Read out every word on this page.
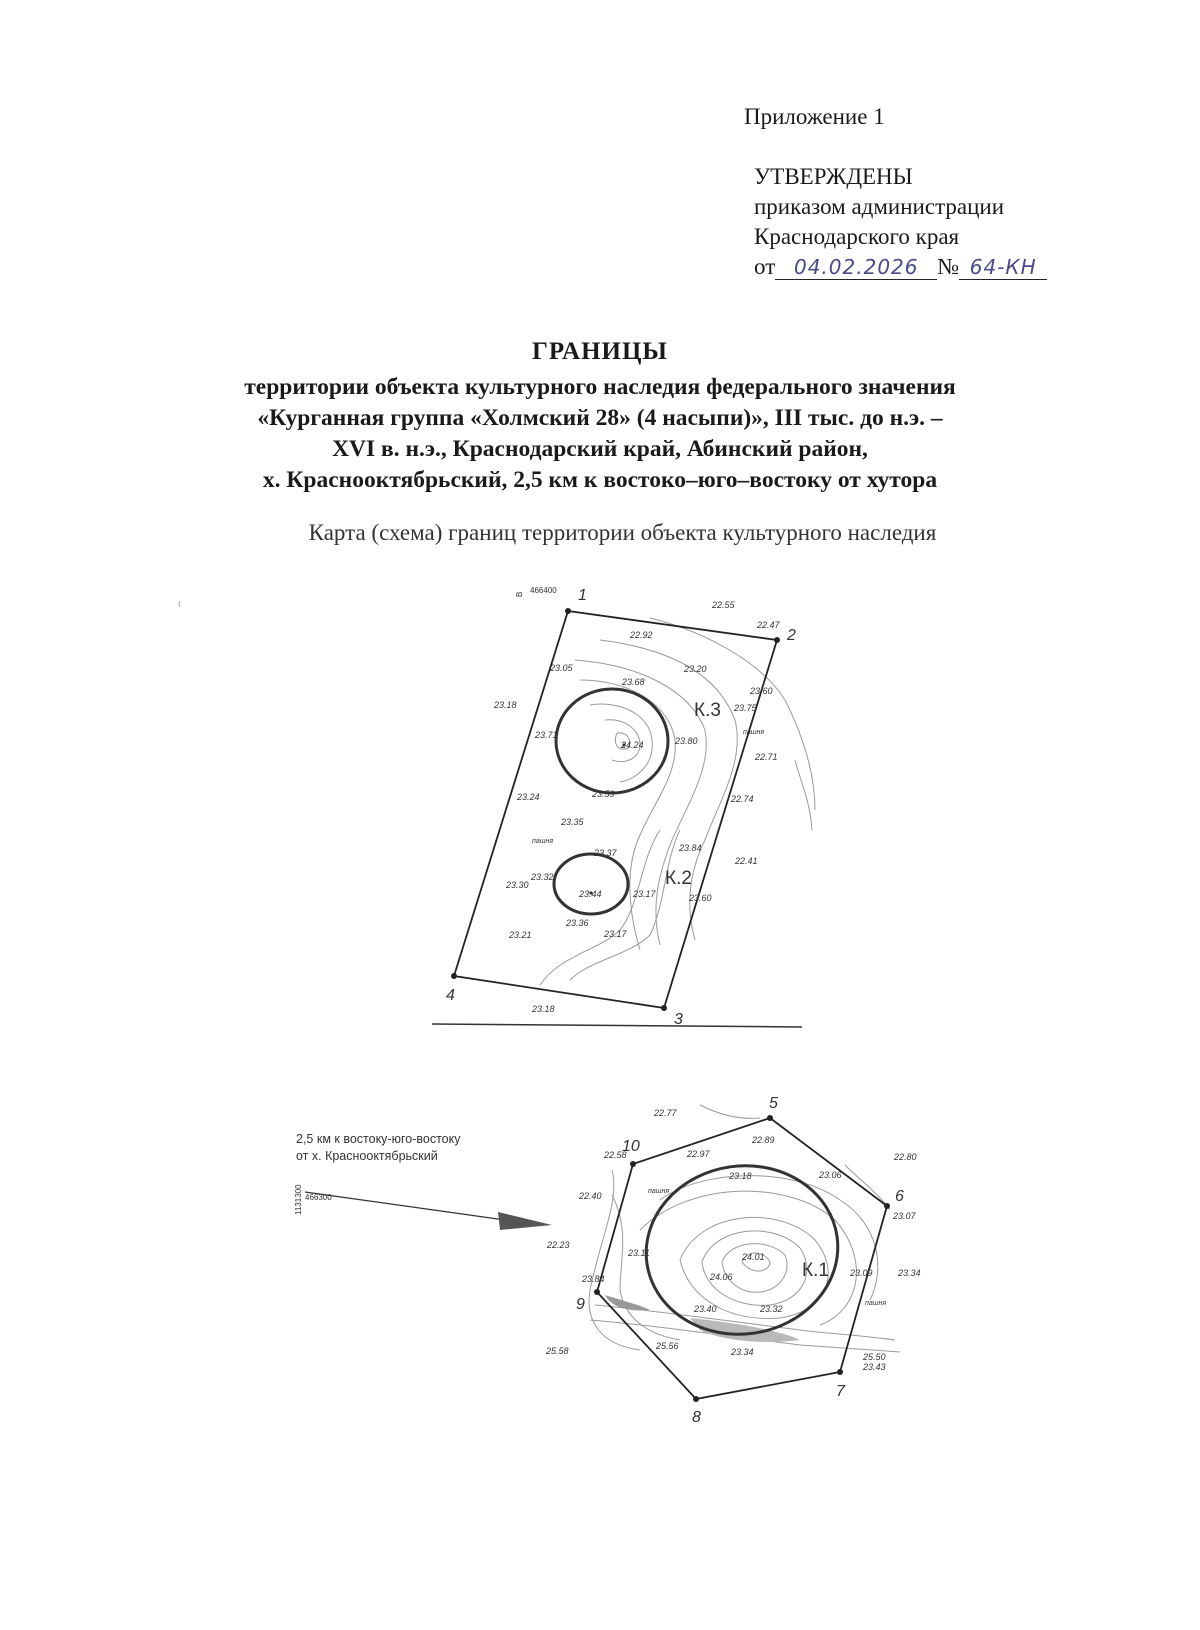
Приложение 1
УТВЕРЖДЕНЫ
приказом администрации
Краснодарского края
от 04.02.2026 № 64-КН
ГРАНИЦЫ
территории объекта культурного наследия федерального значения
«Курганная группа «Холмский 28» (4 насыпи)», III тыс. до н.э. –
XVI в. н.э., Краснодарский край, Абинский район,
х. Краснооктябрьский, 2,5 км к востоко–юго–востоку от хутора
Карта (схема) границ территории объекта культурного наследия
В 466400
⁝
1
2
3
4
К.3
К.2
22.55
22.47
22.92
23.05	23.20
23.68
23.60
23.75
23.18
23.71
24.24	23.80
22.71
23.24	23.59	22.74
23.35
23.37	23.84
22.41
23.32
23.44	23.17	23.60
23.30
23.36
23.21	23.17
23.18
пашня
пашня
2,5 км к востоку-юго-востоку
от х. Краснооктябрьский
466300
1131300
5
6
7
8
9
10
К.1
22.77
22.89
22.58	22.97
23.06
22.80
23.18
23.07
22.40
23.11	24.01
23.09	23.34
22.23
24.06
23.84
23.40	23.32
25.56
23.34	25.50
23.43
25.58
пашня
пашня
